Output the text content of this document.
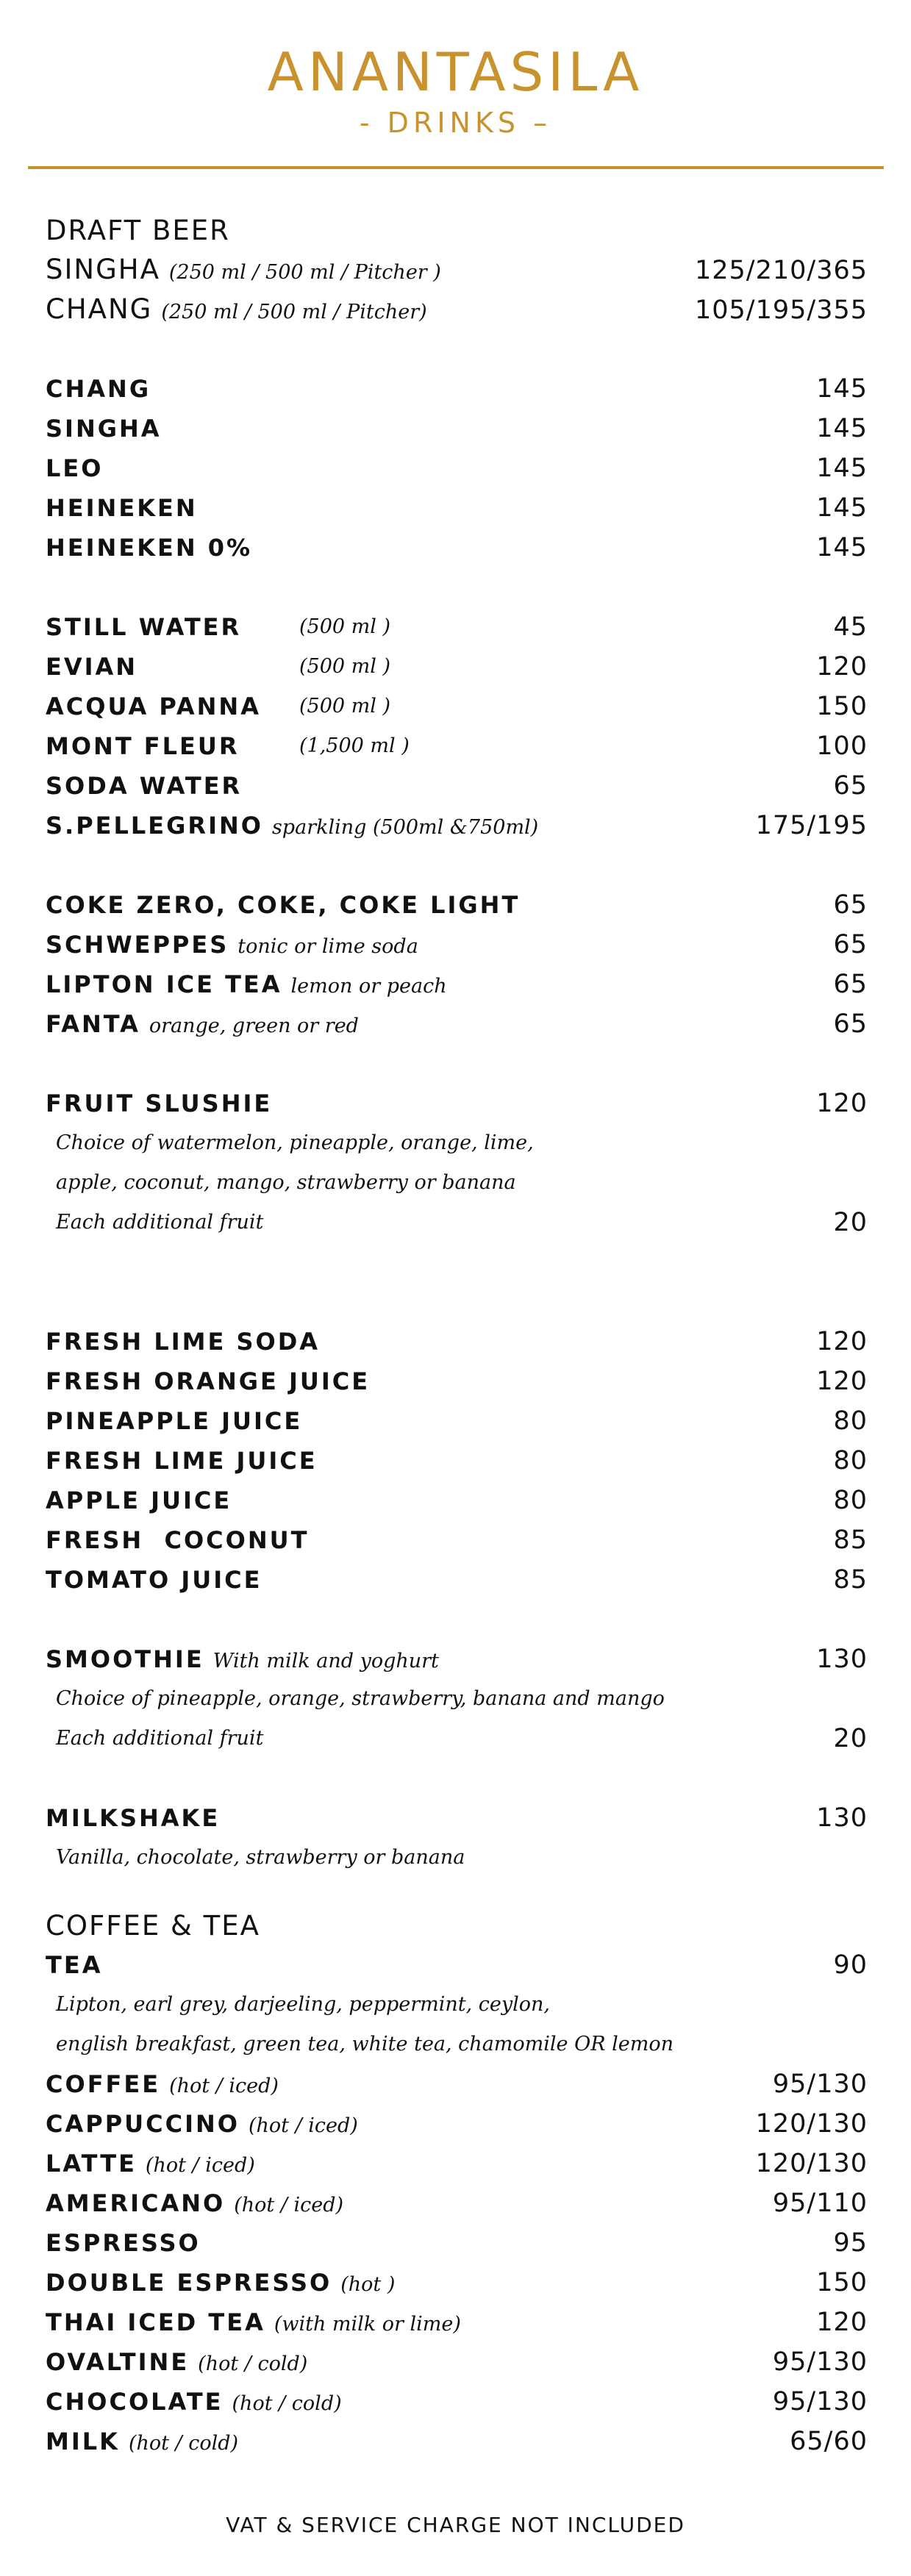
ANANTASILA
- DRINKS –
DRAFT BEER
SINGHA (250 ml / 500 ml / Pitcher )	125/210/365
CHANG (250 ml / 500 ml / Pitcher)	105/195/355
CHANG	145
SINGHA	145
LEO	145
HEINEKEN	145
HEINEKEN 0%	145
STILL WATER	(500 ml )	45
EVIAN	(500 ml )	120
ACQUA PANNA (500 ml )	150
MONT FLEUR	(1,500 ml )	100
SODA WATER	65
S.PELLEGRINO sparkling (500ml &750ml)	175/195
COKE ZERO, COKE, COKE LIGHT	65
SCHWEPPES tonic or lime soda	65
LIPTON ICE TEA lemon or peach	65
FANTA orange, green or red	65
FRUIT SLUSHIE	120
Choice of watermelon, pineapple, orange, lime,
apple, coconut, mango, strawberry or banana
Each additional fruit	20
FRESH LIME SODA	120
FRESH ORANGE JUICE	120
PINEAPPLE JUICE	80
FRESH LIME JUICE	80
APPLE JUICE	80
FRESH  COCONUT	85
TOMATO JUICE	85
SMOOTHIE With milk and yoghurt	130
Choice of pineapple, orange, strawberry, banana and mango
Each additional fruit	20
MILKSHAKE	130
Vanilla, chocolate, strawberry or banana
COFFEE & TEA
TEA	90
Lipton, earl grey, darjeeling, peppermint, ceylon,
english breakfast, green tea, white tea, chamomile OR lemon
COFFEE (hot / iced)	95/130
CAPPUCCINO (hot / iced)	120/130
LATTE (hot / iced)	120/130
AMERICANO (hot / iced)	95/110
ESPRESSO	95
DOUBLE ESPRESSO (hot )	150
THAI ICED TEA (with milk or lime)	120
OVALTINE (hot / cold)	95/130
CHOCOLATE (hot / cold)	95/130
MILK (hot / cold)	65/60
VAT & SERVICE CHARGE NOT INCLUDED
